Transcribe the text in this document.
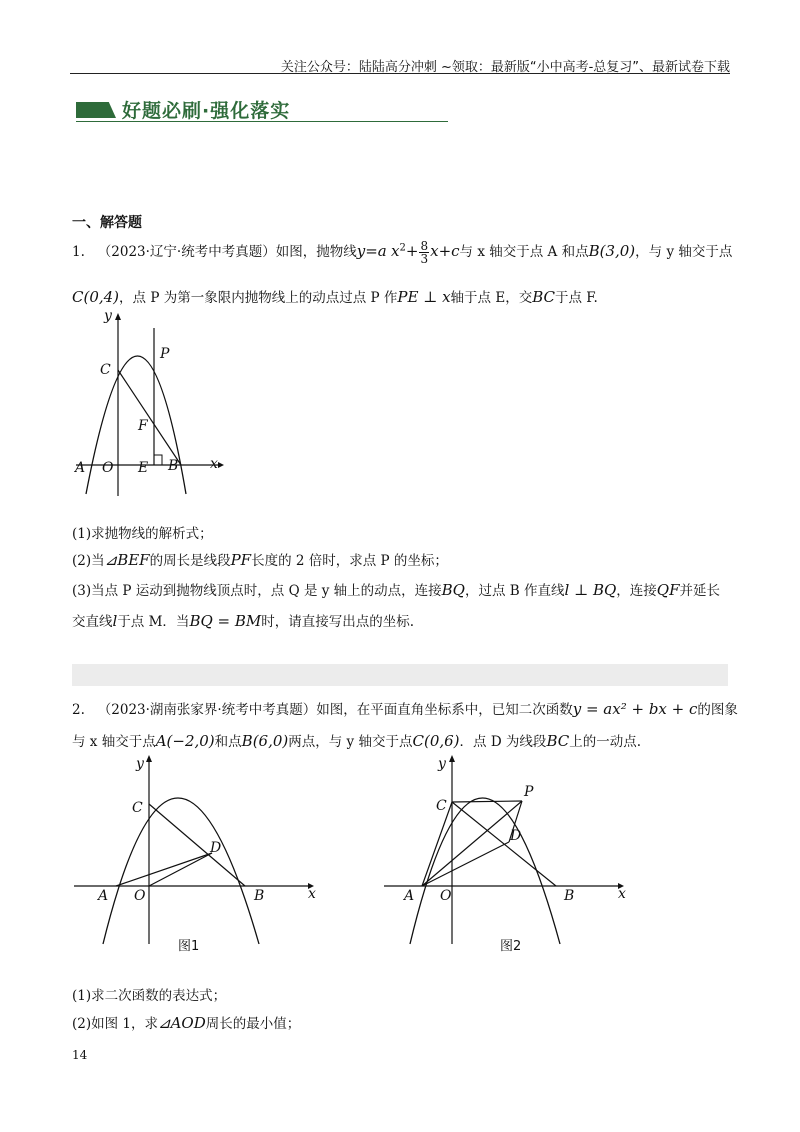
关注公众号：陆陆高分冲刺 ~领取：最新版“小中高考-总复习”、最新试卷下载
好题必刷·强化落实
一、解答题
1. （2023·辽宁·统考中考真题）如图，抛物线y=a $x^2+ \frac{8}{3} x+c$与 x 轴交于点 A 和点B(3,0)，与 y 轴交于点
C(0,4)，点 P 为第一象限内抛物线上的动点过点 P 作PE ⊥ x轴于点 E，交BC于点 F.
y
x
C
P
F
A O E B
(1)求抛物线的解析式；
(2)当⊿BEF的周长是线段PF长度的 2 倍时，求点 P 的坐标；
(3)当点 P 运动到抛物线顶点时，点 Q 是 y 轴上的动点，连接BQ，过点 B 作直线l ⊥ BQ，连接QF并延长
交直线l于点 M．当BQ = BM时，请直接写出点的坐标.
2. （2023·湖南张家界·统考中考真题）如图，在平面直角坐标系中，已知二次函数y = ax² + bx + c的图象
与 x 轴交于点A(−2,0)和点B(6,0)两点，与 y 轴交于点C(0,6)．点 D 为线段BC上的一动点.
y
x
C
D
A O	B
图1
y
x
C
P
D
A O	B
图2
(1)求二次函数的表达式；
(2)如图 1，求⊿AOD周长的最小值；
14
